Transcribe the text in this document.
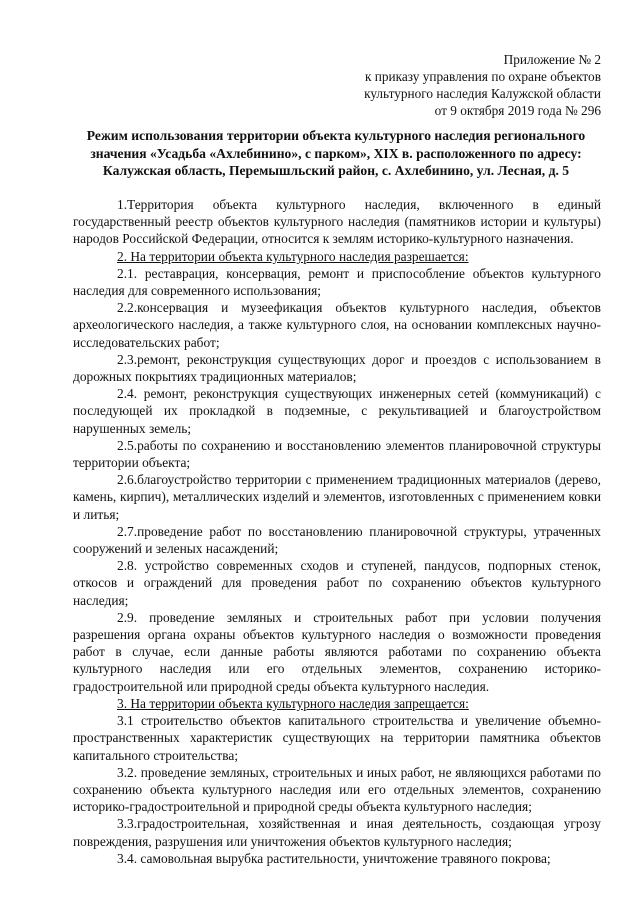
Приложение № 2
к приказу управления по охране объектов
культурного наследия Калужской области
от 9 октября 2019 года № 296
Режим использования территории объекта культурного наследия регионального
значения «Усадьба «Ахлебинино», с парком», XIX в. расположенного по адресу:
Калужская область, Перемышльский район, с. Ахлебинино, ул. Лесная, д. 5

1.Территория объекта культурного наследия, включенного в единый государственный реестр объектов культурного наследия (памятников истории и культуры) народов Российской Федерации, относится к землям историко-культурного назначения.

2. На территории объекта культурного наследия разрешается:

2.1. реставрация, консервация, ремонт и приспособление объектов культурного наследия для современного использования;

2.2.консервация и музеефикация объектов культурного наследия, объектов археологического наследия, а также культурного слоя, на основании комплексных научно-исследовательских работ;

2.3.ремонт, реконструкция существующих дорог и проездов с использованием в дорожных покрытиях традиционных материалов;

2.4. ремонт, реконструкция существующих инженерных сетей (коммуникаций) с последующей их прокладкой в подземные, с рекультивацией и благоустройством нарушенных земель;

2.5.работы по сохранению и восстановлению элементов планировочной структуры территории объекта;

2.6.благоустройство территории с применением традиционных материалов (дерево, камень, кирпич), металлических изделий и элементов, изготовленных с применением ковки и литья;

2.7.проведение работ по восстановлению планировочной структуры, утраченных сооружений и зеленых насаждений;

2.8. устройство современных сходов и ступеней, пандусов, подпорных стенок, откосов и ограждений для проведения работ по сохранению объектов культурного наследия;

2.9. проведение земляных и строительных работ при условии получения разрешения органа охраны объектов культурного наследия о возможности проведения работ в случае, если данные работы являются работами по сохранению объекта культурного наследия или его отдельных элементов, сохранению историко-градостроительной или природной среды объекта культурного наследия.

3. На территории объекта культурного наследия запрещается:

3.1 строительство объектов капитального строительства и увеличение объемно-пространственных характеристик существующих на территории памятника объектов капитального строительства;

3.2. проведение земляных, строительных и иных работ, не являющихся работами по сохранению объекта культурного наследия или его отдельных элементов, сохранению историко-градостроительной и природной среды объекта культурного наследия;

3.3.градостроительная, хозяйственная и иная деятельность, создающая угрозу повреждения, разрушения или уничтожения объектов культурного наследия;

3.4. самовольная вырубка растительности, уничтожение травяного покрова;
